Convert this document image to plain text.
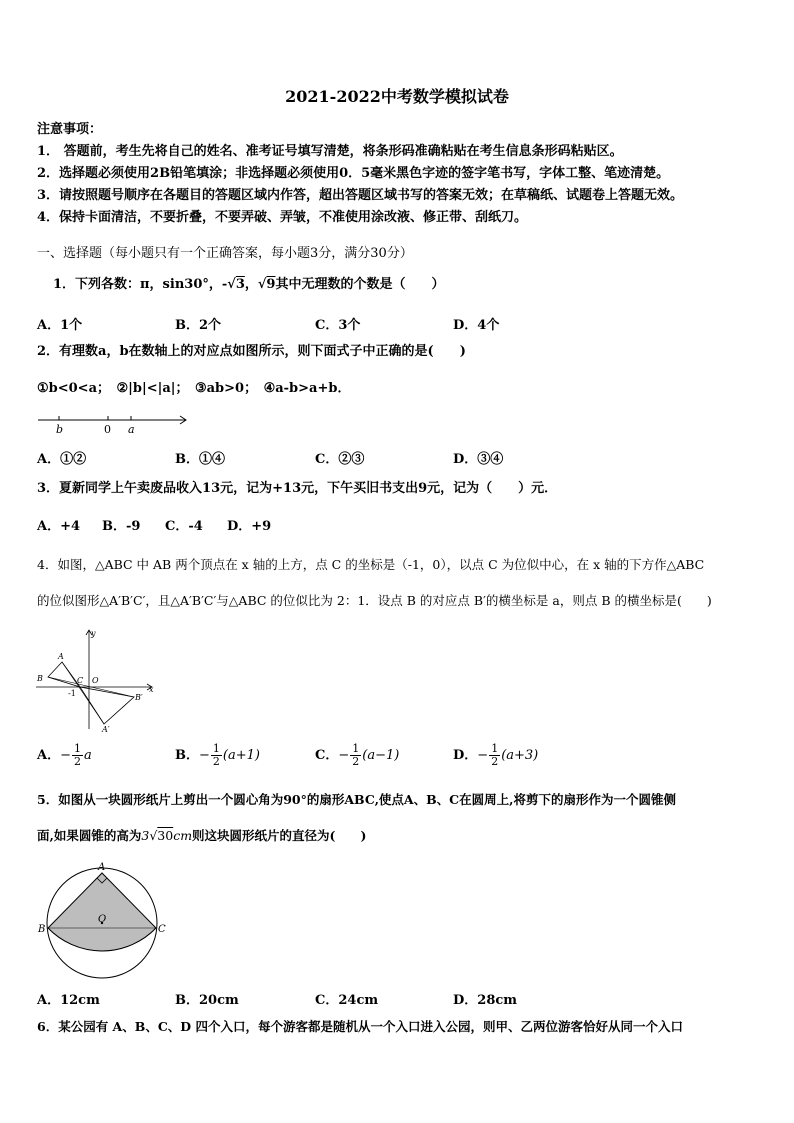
2021-2022中考数学模拟试卷
注意事项：
1． 答题前，考生先将自己的姓名、准考证号填写清楚，将条形码准确粘贴在考生信息条形码粘贴区。
2．选择题必须使用2B铅笔填涂；非选择题必须使用0．5毫米黑色字迹的签字笔书写，字体工整、笔迹清楚。
3．请按照题号顺序在各题目的答题区域内作答，超出答题区域书写的答案无效；在草稿纸、试题卷上答题无效。
4．保持卡面清洁，不要折叠，不要弄破、弄皱，不准使用涂改液、修正带、刮纸刀。
一、选择题（每小题只有一个正确答案，每小题3分，满分30分）
1．下列各数：π，sin30°，-√3，√9其中无理数的个数是（　　）
A．1个	B．2个	C．3个	D．4个
2．有理数a，b在数轴上的对应点如图所示，则下面式子中正确的是(　　)
①b<0<a；　②|b|<|a|；　③ab>0；　④a-b>a+b．
b	0 a
A．①②	B．①④	C．②③	D．③④
3．夏新同学上午卖废品收入13元，记为+13元，下午买旧书支出9元，记为（　　）元．
A．+4 B．-9 C．-4 D．+9
4．如图，△ABC 中 AB 两个顶点在 x 轴的上方，点 C 的坐标是（-1，0），以点 C 为位似中心，在 x 轴的下方作△ABC
的位似图形△A′B′C′，且△A′B′C′与△ABC 的位似比为 2：1．设点 B 的对应点 B′的横坐标是 a，则点 B 的横坐标是(　　)
y
A
B	C O
-1	B′
x
A′
A．− $\frac{1}{2}$ a	B．− $\frac{1}{2} (a+1)$	C．− $\frac{1}{2} (a-1)$	D．− $\frac{1}{2} (a+3)$
5．如图从一块圆形纸片上剪出一个圆心角为90°的扇形ABC,使点A、B、C在圆周上,将剪下的扇形作为一个圆锥侧
面,如果圆锥的高为3√30cm则这块圆形纸片的直径为(　　)
A
B
O
C
A．12cm	B．20cm	C．24cm	D．28cm
6．某公园有 A、B、C、D 四个入口，每个游客都是随机从一个入口进入公园，则甲、乙两位游客恰好从同一个入口
